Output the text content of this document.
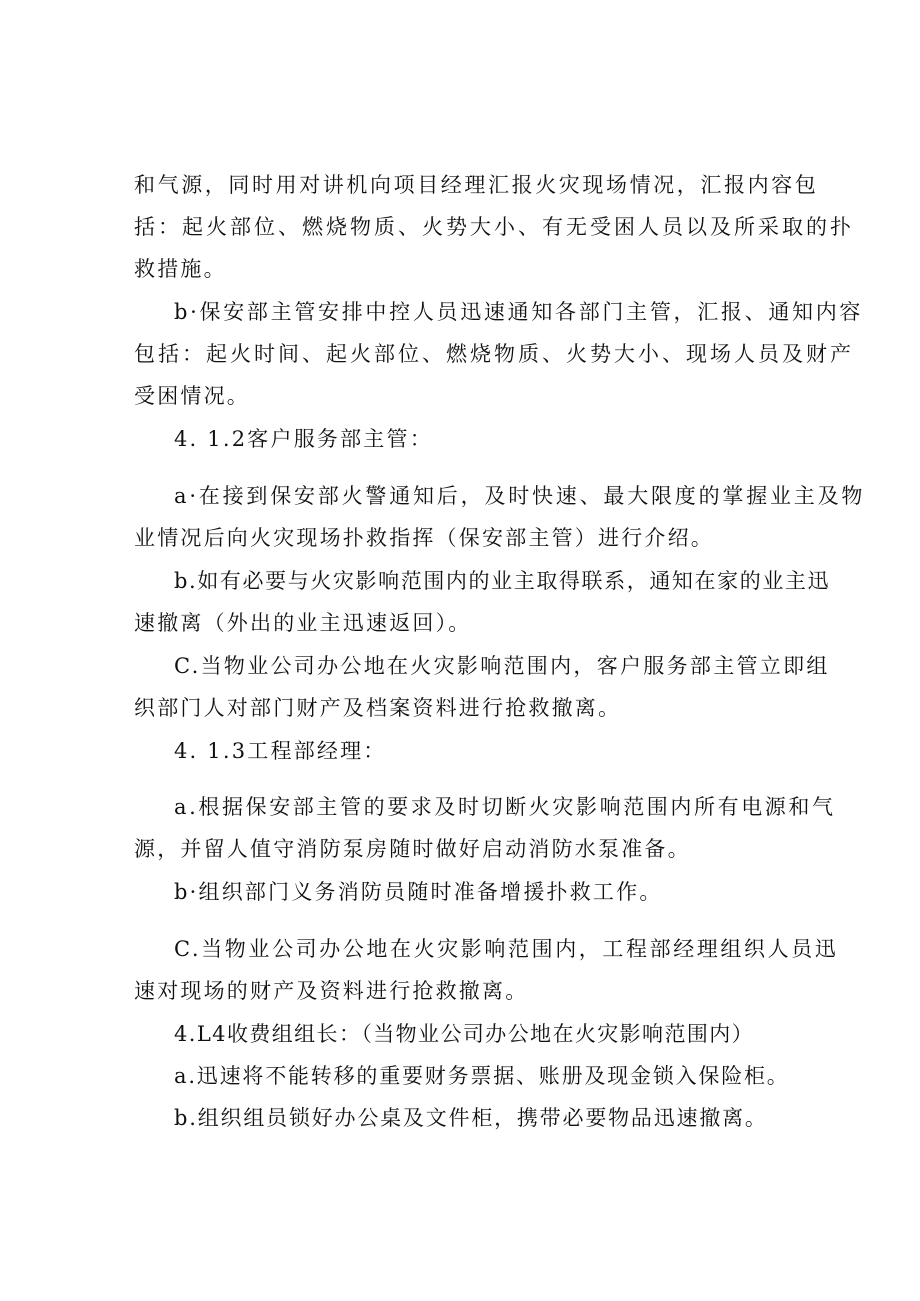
和气源，同时用对讲机向项目经理汇报火灾现场情况，汇报内容包
括：起火部位、燃烧物质、火势大小、有无受困人员以及所采取的扑
救措施。
b·保安部主管安排中控人员迅速通知各部门主管，汇报、通知内容
包括：起火时间、起火部位、燃烧物质、火势大小、现场人员及财产
受困情况。
4. 1.2客户服务部主管：
a·在接到保安部火警通知后，及时快速、最大限度的掌握业主及物
业情况后向火灾现场扑救指挥（保安部主管）进行介绍。
b.如有必要与火灾影响范围内的业主取得联系，通知在家的业主迅
速撤离（外出的业主迅速返回）。
C.当物业公司办公地在火灾影响范围内，客户服务部主管立即组
织部门人对部门财产及档案资料进行抢救撤离。
4. 1.3工程部经理：
a.根据保安部主管的要求及时切断火灾影响范围内所有电源和气
源，并留人值守消防泵房随时做好启动消防水泵准备。
b·组织部门义务消防员随时准备增援扑救工作。
C.当物业公司办公地在火灾影响范围内，工程部经理组织人员迅
速对现场的财产及资料进行抢救撤离。
4.L4收费组组长：（当物业公司办公地在火灾影响范围内）
a.迅速将不能转移的重要财务票据、账册及现金锁入保险柜。
b.组织组员锁好办公桌及文件柜，携带必要物品迅速撤离。
